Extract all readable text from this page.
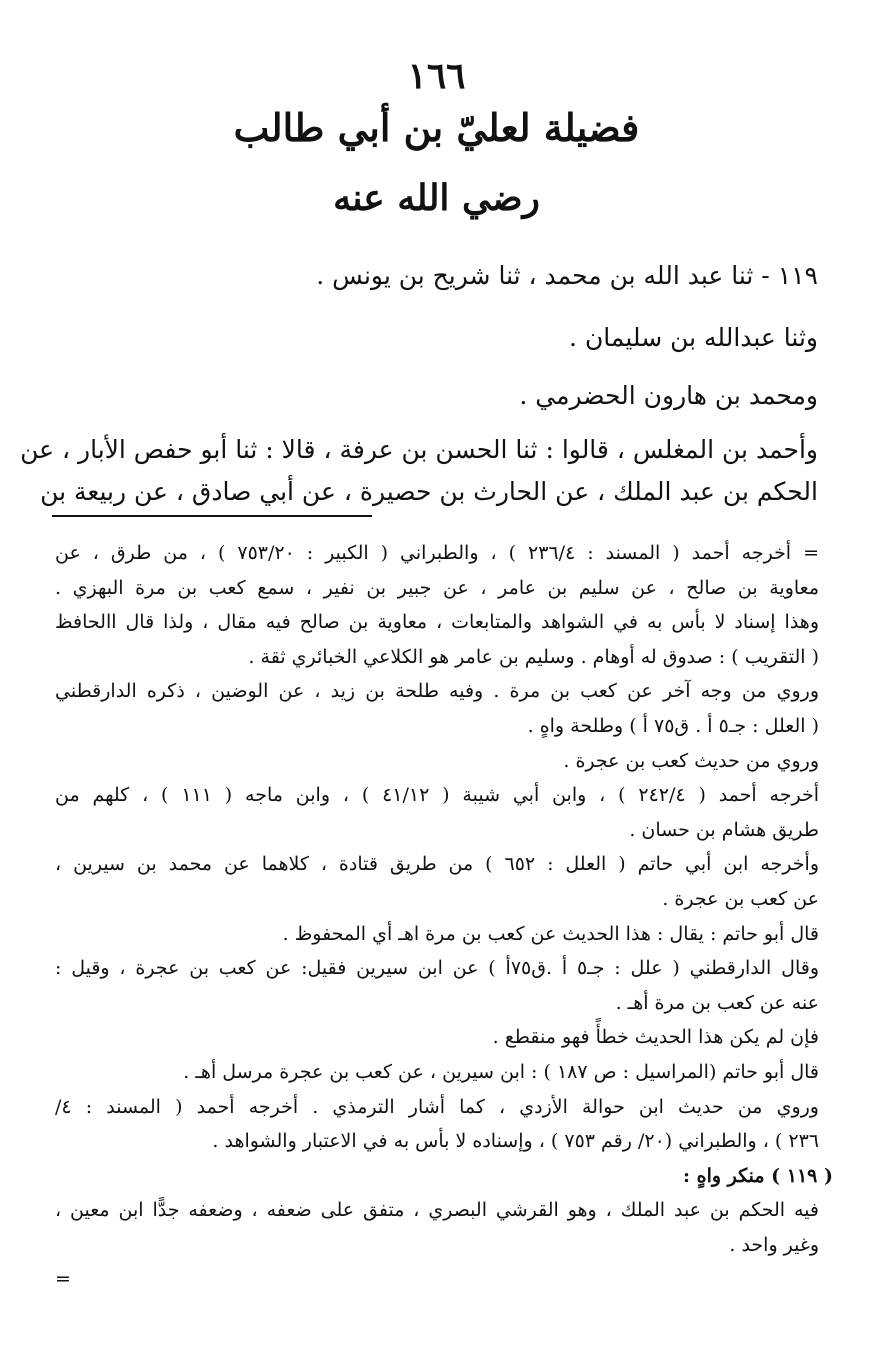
١٦٦
فضيلة لعليّ بن أبي طالب
رضي الله عنه
١١٩ - ثنا عبد الله بن محمد ، ثنا شريح بن يونس .
وثنا عبدالله بن سليمان .
ومحمد بن هارون الحضرمي .
وأحمد بن المغلس ، قالوا : ثنا الحسن بن عرفة ، قالا : ثنا أبو حفص الأبار ، عن
الحكم بن عبد الملك ، عن الحارث بن حصيرة ، عن أبي صادق ، عن ربيعة بن
= أخرجه أحمد ( المسند : ٢٣٦/٤ ) ، والطبراني ( الكبير : ٧٥٣/٢٠ ) ، من طرق ، عن
معاوية بن صالح ، عن سليم بن عامر ، عن جبير بن نفير ، سمع كعب بن مرة البهزي .
وهذا إسناد لا بأس به في الشواهد والمتابعات ، معاوية بن صالح فيه مقال ، ولذا قال االحافظ
( التقريب ) : صدوق له أوهام . وسليم بن عامر هو الكلاعي الخبائري ثقة .
وروي من وجه آخر عن كعب بن مرة . وفيه طلحة بن زيد ، عن الوضين ، ذكره الدارقطني
( العلل : جـ٥ أ . ق٧٥ أ ) وطلحة واهٍ .
وروي من حديث كعب بن عجرة .
أخرجه أحمد ( ٢٤٢/٤ ) ، وابن أبي شيبة ( ٤١/١٢ ) ، وابن ماجه ( ١١١ ) ، كلهم من
طريق هشام بن حسان .
وأخرجه ابن أبي حاتم ( العلل : ٦٥٢ ) من طريق قتادة ، كلاهما عن محمد بن سيرين ،
عن كعب بن عجرة .
قال أبو حاتم : يقال : هذا الحديث عن كعب بن مرة اهـ أي المحفوظ .
وقال الدارقطني ( علل : جـ٥ أ .ق٧٥أ ) عن ابن سيرين فقيل: عن كعب بن عجرة ، وقيل :
عنه عن كعب بن مرة أهـ .
فإن لم يكن هذا الحديث خطأً فهو منقطع .
قال أبو حاتم (المراسيل : ص ١٨٧ ) : ابن سيرين ، عن كعب بن عجرة مرسل أهـ .
وروي من حديث ابن حوالة الأزدي ، كما أشار الترمذي . أخرجه أحمد ( المسند : ٤/
٢٣٦ ) ، والطبراني (٢٠/ رقم ٧٥٣ ) ، وإسناده لا بأس به في الاعتبار والشواهد .
( ١١٩ ) منكر واهٍ :
فيه الحكم بن عبد الملك ، وهو القرشي البصري ، متفق على ضعفه ، وضعفه جدًّا ابن معين ،
وغير واحد .
=
